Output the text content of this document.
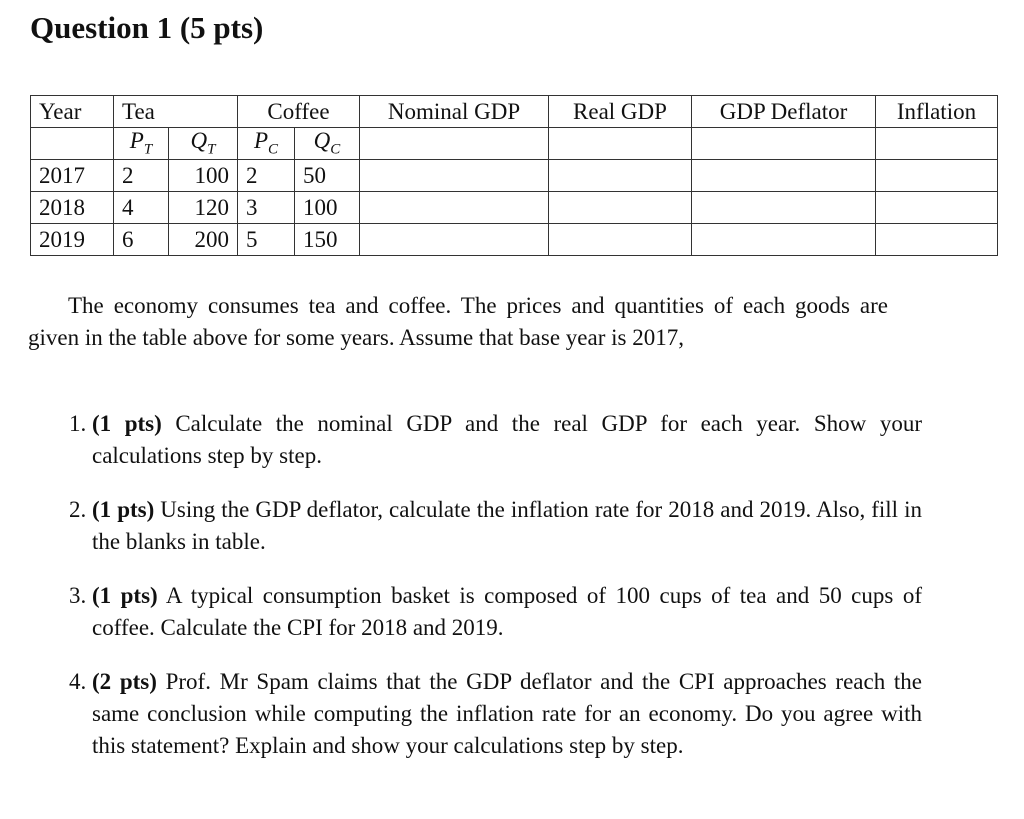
Question 1 (5 pts)
Year	Tea		Coffee		Nominal GDP	Real GDP	GDP Deflator	Inflation
	$P_T$	$Q_T$	$P_C$	$Q_C$				
2017	2	100	2	50				
2018	4	120	3	100				
2019	6	200	5	150				
The economy consumes tea and coffee. The prices and quantities of each goods are given in the table above for some years. Assume that base year is 2017,
1. (1 pts) Calculate the nominal GDP and the real GDP for each year. Show your calculations step by step.
2. (1 pts) Using the GDP deflator, calculate the inflation rate for 2018 and 2019. Also, fill in the blanks in table.
3. (1 pts) A typical consumption basket is composed of 100 cups of tea and 50 cups of coffee. Calculate the CPI for 2018 and 2019.
4. (2 pts) Prof. Mr Spam claims that the GDP deflator and the CPI approaches reach the same conclusion while computing the inflation rate for an economy. Do you agree with this statement? Explain and show your calculations step by step.
